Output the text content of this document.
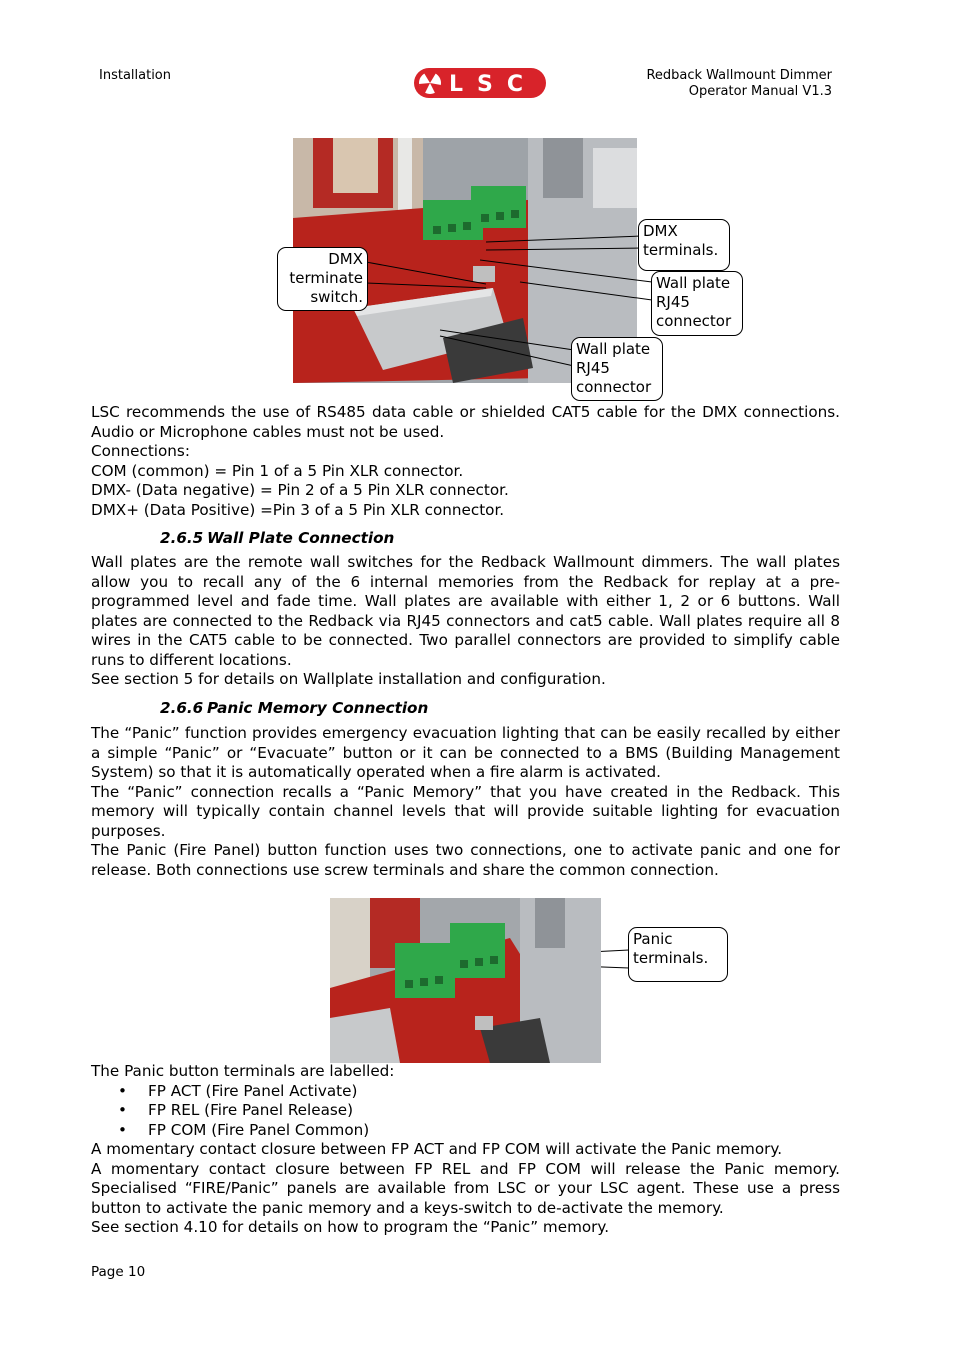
Installation	LSC	Redback Wallmount Dimmer
Operator Manual V1.3
DMX terminals.
DMX terminate switch.
Wall plate RJ45 connector
Wall plate RJ45 connector
LSC recommends the use of RS485 data cable or shielded CAT5 cable for the DMX connections. Audio or Microphone cables must not be used.
Connections:
COM (common) = Pin 1 of a 5 Pin XLR connector.
DMX- (Data negative) = Pin 2 of a 5 Pin XLR connector.
DMX+ (Data Positive) =Pin 3 of a 5 Pin XLR connector.
2.6.5 Wall Plate Connection
Wall plates are the remote wall switches for the Redback Wallmount dimmers. The wall plates allow you to recall any of the 6 internal memories from the Redback for replay at a pre-programmed level and fade time. Wall plates are available with either 1, 2 or 6 buttons. Wall plates are connected to the Redback via RJ45 connectors and cat5 cable. Wall plates require all 8 wires in the CAT5 cable to be connected. Two parallel connectors are provided to simplify cable runs to different locations.
See section 5 for details on Wallplate installation and configuration.
2.6.6 Panic Memory Connection
The “Panic” function provides emergency evacuation lighting that can be easily recalled by either a simple “Panic” or “Evacuate” button or it can be connected to a BMS (Building Management System) so that it is automatically operated when a fire alarm is activated.
The “Panic” connection recalls a “Panic Memory” that you have created in the Redback. This memory will typically contain channel levels that will provide suitable lighting for evacuation purposes.
The Panic (Fire Panel) button function uses two connections, one to activate panic and one for release. Both connections use screw terminals and share the common connection.
Panic terminals.
The Panic button terminals are labelled:
• FP ACT (Fire Panel Activate)
• FP REL (Fire Panel Release)
• FP COM (Fire Panel Common)
A momentary contact closure between FP ACT and FP COM will activate the Panic memory.
A momentary contact closure between FP REL and FP COM will release the Panic memory. Specialised “FIRE/Panic” panels are available from LSC or your LSC agent. These use a press button to activate the panic memory and a keys-switch to de-activate the memory.
See section 4.10 for details on how to program the “Panic” memory.
Page 10
